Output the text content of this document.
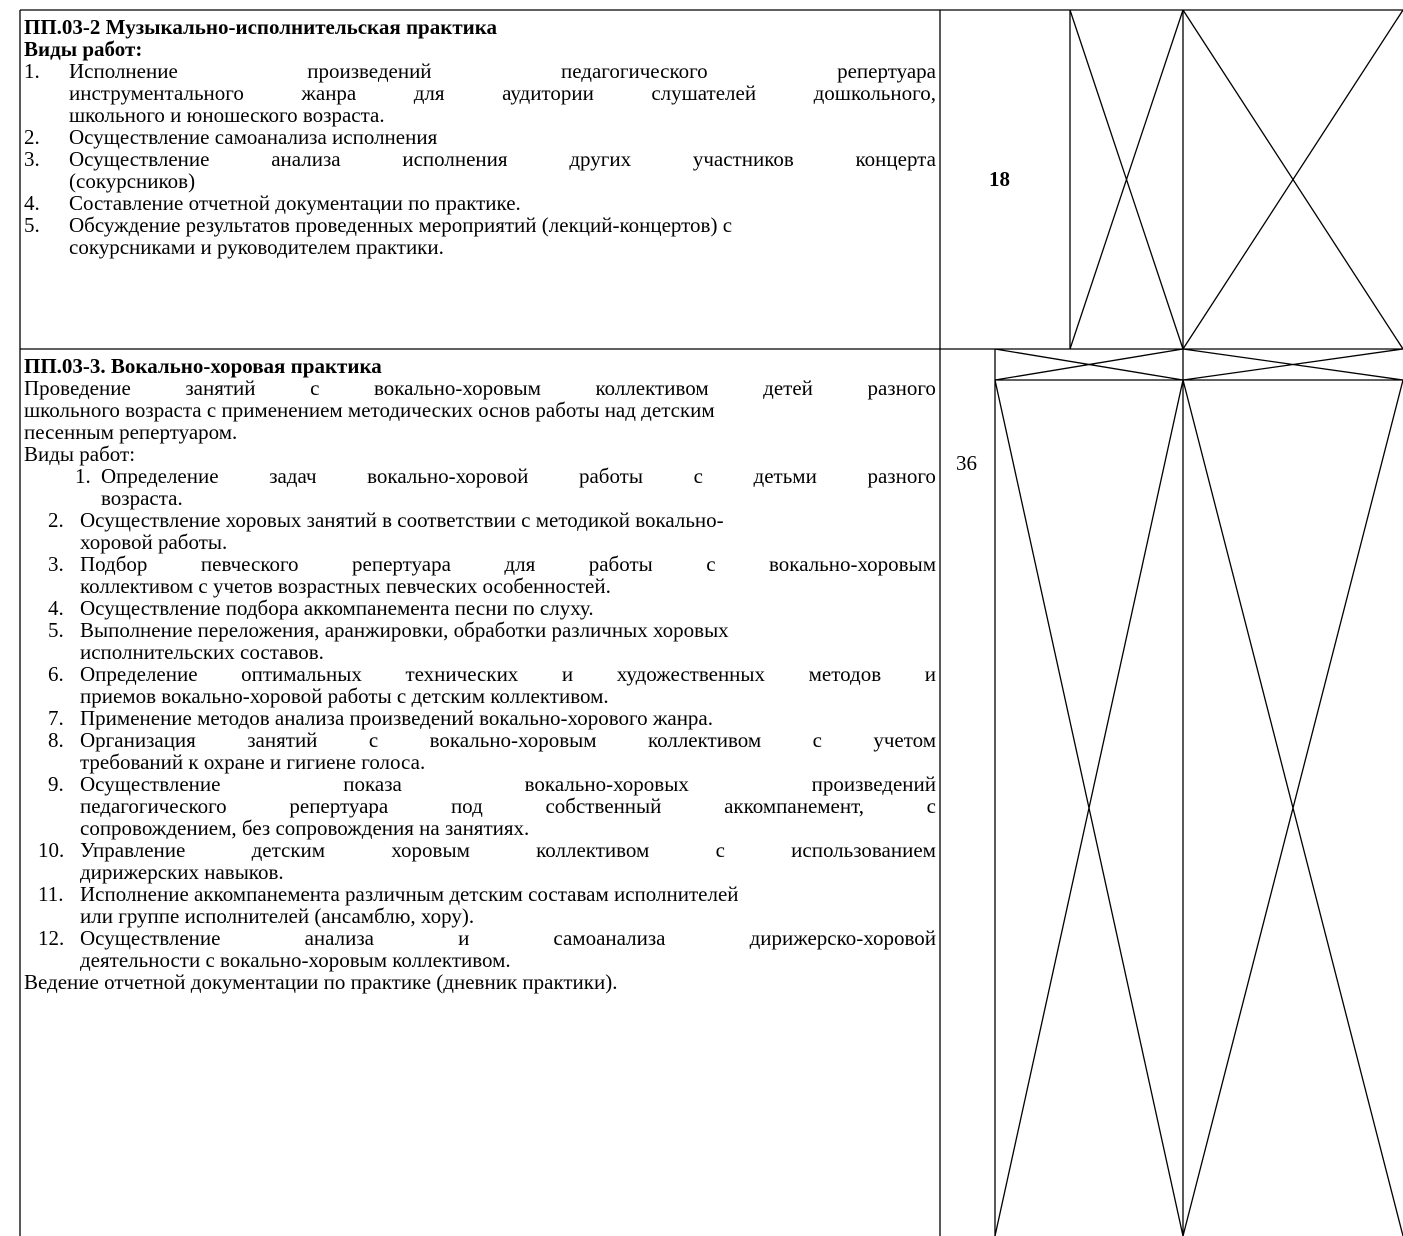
ПП.03-2 Музыкально-исполнительская практика
Виды работ:
1. Исполнение	произведений	педагогического	репертуара
инструментального	жанра	для	аудитории	слушателей	дошкольного,
школьного и юношеского возраста.
2. Осуществление самоанализа исполнения
3. Осуществление	анализа	исполнения	других	участников	концерта
(сокурсников)
4. Составление отчетной документации по практике.
5. Обсуждение результатов проведенных мероприятий (лекций-концертов) с
сокурсниками и руководителем практики.
18
ПП.03-3. Вокально-хоровая практика
Проведение	занятий	с	вокально-хоровым	коллективом	детей	разного
школьного возраста с применением методических основ работы над детским
песенным репертуаром.
Виды работ:
1. Определение задач вокально-хоровой работы с детьми разного
возраста.
2. Осуществление хоровых занятий в соответствии с методикой вокально-
хоровой работы.
3. Подбор	певческого	репертуара	для	работы	с	вокально-хоровым
коллективом с учетов возрастных певческих особенностей.
4. Осуществление подбора аккомпанемента песни по слуху.
5. Выполнение переложения, аранжировки, обработки различных хоровых
исполнительских составов.
6. Определение оптимальных технических и художественных методов и
приемов вокально-хоровой работы с детским коллективом.
7. Применение методов анализа произведений вокально-хорового жанра.
8. Организация занятий с вокально-хоровым коллективом с учетом
требований к охране и гигиене голоса.
9. Осуществление	показа	вокально-хоровых	произведений
педагогического	репертуара	под	собственный	аккомпанемент,	с
сопровождением, без сопровождения на занятиях.
10. Управление	детским	хоровым	коллективом	с	использованием
дирижерских навыков.
11. Исполнение аккомпанемента различным детским составам исполнителей
или группе исполнителей (ансамблю, хору).
12. Осуществление	анализа	и	самоанализа	дирижерско-хоровой
деятельности с вокально-хоровым коллективом.
Ведение отчетной документации по практике (дневник практики).
36
